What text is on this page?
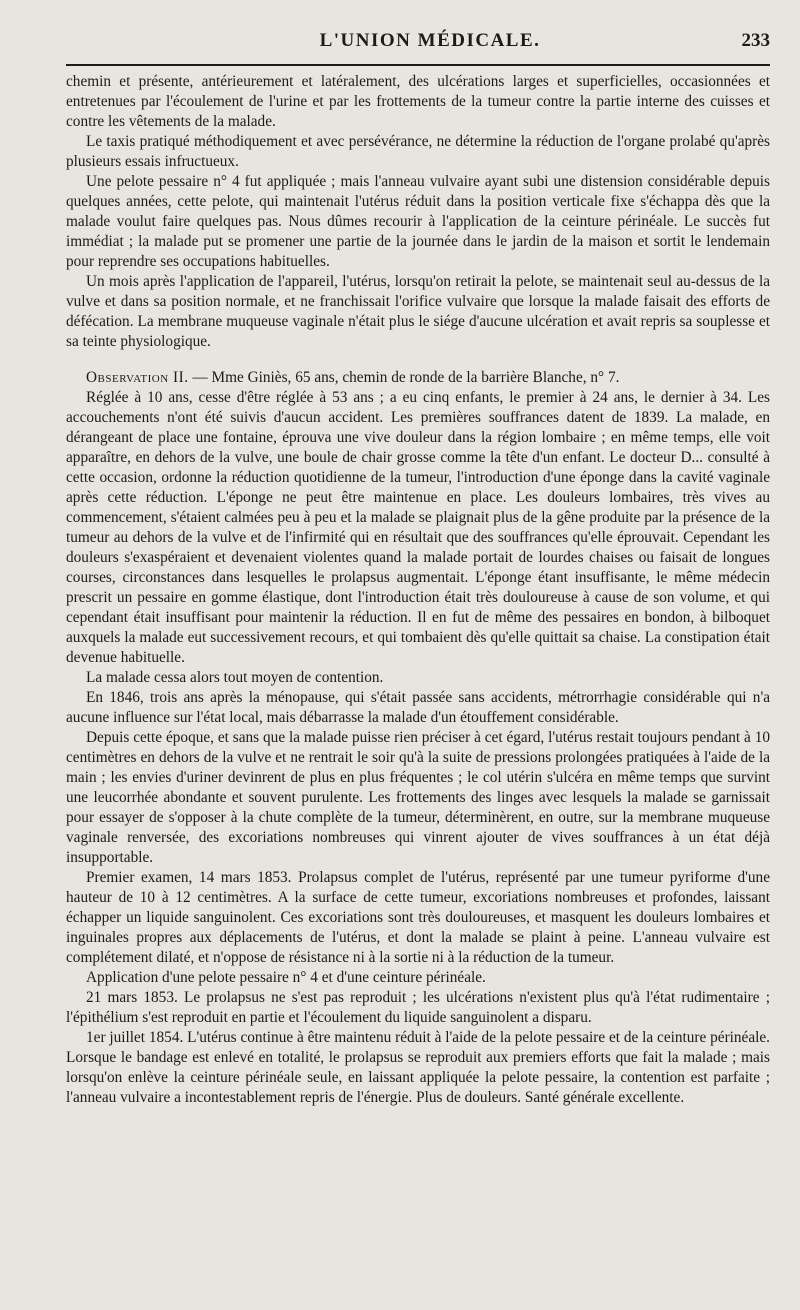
L'UNION MÉDICALE.	233

chemin et présente, antérieurement et latéralement, des ulcérations larges et superficielles, occasionnées et entretenues par l'écoulement de l'urine et par les frottements de la tumeur contre la partie interne des cuisses et contre les vêtements de la malade.

Le taxis pratiqué méthodiquement et avec persévérance, ne détermine la réduction de l'organe prolabé qu'après plusieurs essais infructueux.

Une pelote pessaire n° 4 fut appliquée ; mais l'anneau vulvaire ayant subi une distension considérable depuis quelques années, cette pelote, qui maintenait l'utérus réduit dans la position verticale fixe s'échappa dès que la malade voulut faire quelques pas. Nous dûmes recourir à l'application de la ceinture périnéale. Le succès fut immédiat ; la malade put se promener une partie de la journée dans le jardin de la maison et sortit le lendemain pour reprendre ses occupations habituelles.

Un mois après l'application de l'appareil, l'utérus, lorsqu'on retirait la pelote, se maintenait seul au-dessus de la vulve et dans sa position normale, et ne franchissait l'orifice vulvaire que lorsque la malade faisait des efforts de défécation. La membrane muqueuse vaginale n'était plus le siége d'aucune ulcération et avait repris sa souplesse et sa teinte physiologique.

Observation II. — Mme Giniès, 65 ans, chemin de ronde de la barrière Blanche, n° 7.

Réglée à 10 ans, cesse d'être réglée à 53 ans ; a eu cinq enfants, le premier à 24 ans, le dernier à 34. Les accouchements n'ont été suivis d'aucun accident. Les premières souffrances datent de 1839. La malade, en dérangeant de place une fontaine, éprouva une vive douleur dans la région lombaire ; en même temps, elle voit apparaître, en dehors de la vulve, une boule de chair grosse comme la tête d'un enfant. Le docteur D... consulté à cette occasion, ordonne la réduction quotidienne de la tumeur, l'introduction d'une éponge dans la cavité vaginale après cette réduction. L'éponge ne peut être maintenue en place. Les douleurs lombaires, très vives au commencement, s'étaient calmées peu à peu et la malade se plaignait plus de la gêne produite par la présence de la tumeur au dehors de la vulve et de l'infirmité qui en résultait que des souffrances qu'elle éprouvait. Cependant les douleurs s'exaspéraient et devenaient violentes quand la malade portait de lourdes chaises ou faisait de longues courses, circonstances dans lesquelles le prolapsus augmentait. L'éponge étant insuffisante, le même médecin prescrit un pessaire en gomme élastique, dont l'introduction était très douloureuse à cause de son volume, et qui cependant était insuffisant pour maintenir la réduction. Il en fut de même des pessaires en bondon, à bilboquet auxquels la malade eut successivement recours, et qui tombaient dès qu'elle quittait sa chaise. La constipation était devenue habituelle.

La malade cessa alors tout moyen de contention.

En 1846, trois ans après la ménopause, qui s'était passée sans accidents, métrorrhagie considérable qui n'a aucune influence sur l'état local, mais débarrasse la malade d'un étouffement considérable.

Depuis cette époque, et sans que la malade puisse rien préciser à cet égard, l'utérus restait toujours pendant à 10 centimètres en dehors de la vulve et ne rentrait le soir qu'à la suite de pressions prolongées pratiquées à l'aide de la main ; les envies d'uriner devinrent de plus en plus fréquentes ; le col utérin s'ulcéra en même temps que survint une leucorrhée abondante et souvent purulente. Les frottements des linges avec lesquels la malade se garnissait pour essayer de s'opposer à la chute complète de la tumeur, déterminèrent, en outre, sur la membrane muqueuse vaginale renversée, des excoriations nombreuses qui vinrent ajouter de vives souffrances à un état déjà insupportable.

Premier examen, 14 mars 1853. Prolapsus complet de l'utérus, représenté par une tumeur pyriforme d'une hauteur de 10 à 12 centimètres. A la surface de cette tumeur, excoriations nombreuses et profondes, laissant échapper un liquide sanguinolent. Ces excoriations sont très douloureuses, et masquent les douleurs lombaires et inguinales propres aux déplacements de l'utérus, et dont la malade se plaint à peine. L'anneau vulvaire est complétement dilaté, et n'oppose de résistance ni à la sortie ni à la réduction de la tumeur.

Application d'une pelote pessaire n° 4 et d'une ceinture périnéale.

21 mars 1853. Le prolapsus ne s'est pas reproduit ; les ulcérations n'existent plus qu'à l'état rudimentaire ; l'épithélium s'est reproduit en partie et l'écoulement du liquide sanguinolent a disparu.

1er juillet 1854. L'utérus continue à être maintenu réduit à l'aide de la pelote pessaire et de la ceinture périnéale. Lorsque le bandage est enlevé en totalité, le prolapsus se reproduit aux premiers efforts que fait la malade ; mais lorsqu'on enlève la ceinture périnéale seule, en laissant appliquée la pelote pessaire, la contention est parfaite ; l'anneau vulvaire a incontestablement repris de l'énergie. Plus de douleurs. Santé générale excellente.
